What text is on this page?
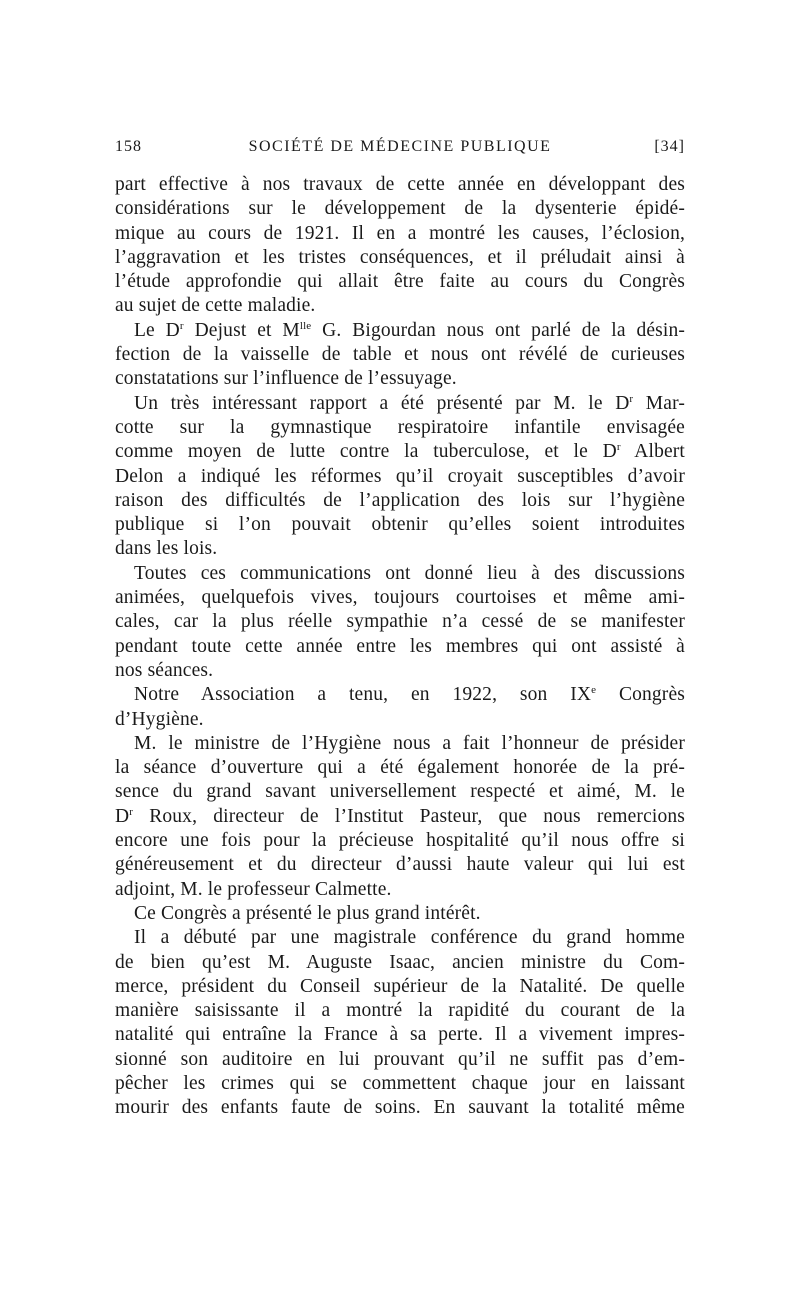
158	SOCIÉTÉ DE MÉDECINE PUBLIQUE	[34]
part effective à nos travaux de cette année en développant des
considérations sur le développement de la dysenterie épidé-
mique au cours de 1921. Il en a montré les causes, l’éclosion,
l’aggravation et les tristes conséquences, et il préludait ainsi à
l’étude approfondie qui allait être faite au cours du Congrès
au sujet de cette maladie.
Le $D^r$ Dejust et $M^{lle}$ G. Bigourdan nous ont parlé de la désin-
fection de la vaisselle de table et nous ont révélé de curieuses
constatations sur l’influence de l’essuyage.
Un très intéressant rapport a été présenté par M. le $D^r$ Mar-
cotte sur la gymnastique respiratoire infantile envisagée
comme moyen de lutte contre la tuberculose, et le $D^r$ Albert
Delon a indiqué les réformes qu’il croyait susceptibles d’avoir
raison des difficultés de l’application des lois sur l’hygiène
publique si l’on pouvait obtenir qu’elles soient introduites
dans les lois.
Toutes ces communications ont donné lieu à des discussions
animées, quelquefois vives, toujours courtoises et même ami-
cales, car la plus réelle sympathie n’a cessé de se manifester
pendant toute cette année entre les membres qui ont assisté à
nos séances.
Notre Association a tenu, en 1922, son IXe Congrès
d’Hygiène.
M. le ministre de l’Hygiène nous a fait l’honneur de présider
la séance d’ouverture qui a été également honorée de la pré-
sence du grand savant universellement respecté et aimé, M. le
$D^r$ Roux, directeur de l’Institut Pasteur, que nous remercions
encore une fois pour la précieuse hospitalité qu’il nous offre si
généreusement et du directeur d’aussi haute valeur qui lui est
adjoint, M. le professeur Calmette.
Ce Congrès a présenté le plus grand intérêt.
Il a débuté par une magistrale conférence du grand homme
de bien qu’est M. Auguste Isaac, ancien ministre du Com-
merce, président du Conseil supérieur de la Natalité. De quelle
manière saisissante il a montré la rapidité du courant de la
natalité qui entraîne la France à sa perte. Il a vivement impres-
sionné son auditoire en lui prouvant qu’il ne suffit pas d’em-
pêcher les crimes qui se commettent chaque jour en laissant
mourir des enfants faute de soins. En sauvant la totalité même
